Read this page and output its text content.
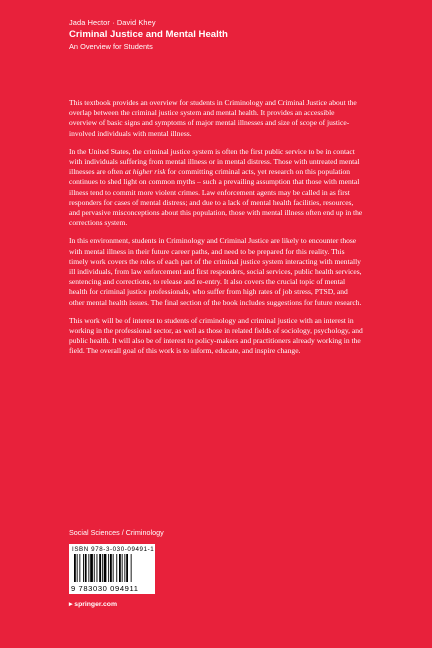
Jada Hector · David Khey

Criminal Justice and Mental Health

An Overview for Students

This textbook provides an overview for students in Criminology and Criminal Justice about the overlap between the criminal justice system and mental health. It provides an accessible overview of basic signs and symptoms of major mental illnesses and size of scope of justice-involved individuals with mental illness.

In the United States, the criminal justice system is often the first public service to be in contact with individuals suffering from mental illness or in mental distress. Those with untreated mental illnesses are often at higher risk for committing criminal acts, yet research on this population continues to shed light on common myths – such a prevailing assumption that those with mental illness tend to commit more violent crimes. Law enforcement agents may be called in as first responders for cases of mental distress; and due to a lack of mental health facilities, resources, and pervasive misconceptions about this population, those with mental illness often end up in the corrections system.

In this environment, students in Criminology and Criminal Justice are likely to encounter those with mental illness in their future career paths, and need to be prepared for this reality. This timely work covers the roles of each part of the criminal justice system interacting with mentally ill individuals, from law enforcement and first responders, social services, public health services, sentencing and corrections, to release and re-entry. It also covers the crucial topic of mental health for criminal justice professionals, who suffer from high rates of job stress, PTSD, and other mental health issues. The final section of the book includes suggestions for future research.

This work will be of interest to students of criminology and criminal justice with an interest in working in the professional sector, as well as those in related fields of sociology, psychology, and public health. It will also be of interest to policy-makers and practitioners already working in the field. The overall goal of this work is to inform, educate, and inspire change.

Social Sciences / Criminology
ISBN 978-3-030-09491-1
9 783030 094911
▸ springer.com
